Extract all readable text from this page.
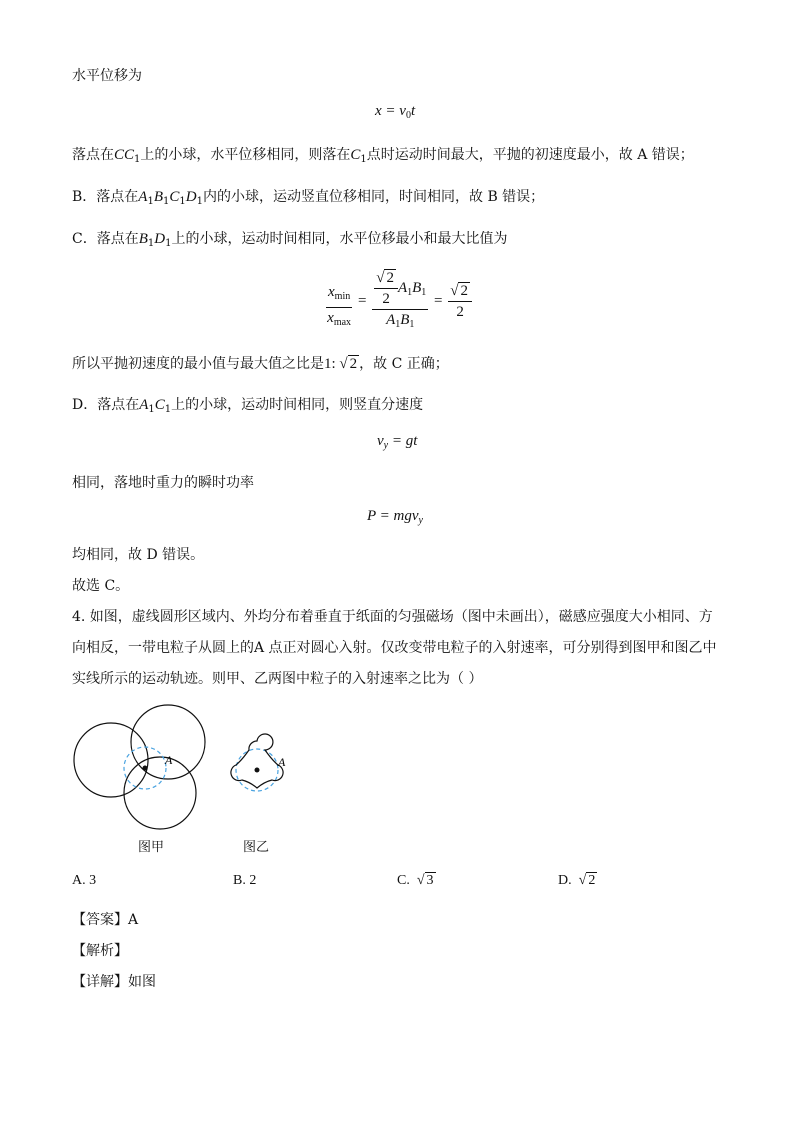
水平位移为
$x = v_0t$
落点在$CC_1$上的小球，水平位移相同，则落在$C_1$点时运动时间最大，平抛的初速度最小，故 A 错误；
B．落点在$A_1B_1C_1D_1$内的小球，运动竖直位移相同，时间相同，故 B 错误；
C．落点在$B_1D_1$上的小球，运动时间相同，水平位移最小和最大比值为
$\frac{x_{min}}{x_{max}} = \frac{\frac{√ 2}{2} A_1B_1}{A_1B_1} = \frac{√ 2}{2}$
所以平抛初速度的最小值与最大值之比是1: √ 2 ，故 C 正确；
D．落点在$A_1C_1$上的小球，运动时间相同，则竖直分速度
$v_y$ = gt
相同，落地时重力的瞬时功率
P = mgv$_y$
均相同，故 D 错误。
故选 C。
4. 如图，虚线圆形区域内、外均分布着垂直于纸面的匀强磁场（图中未画出），磁感应强度大小相同、方
向相反，一带电粒子从圆上的A 点正对圆心入射。仅改变带电粒子的入射速率，可分别得到图甲和图乙中
实线所示的运动轨迹。则甲、乙两图中粒子的入射速率之比为（ ）
A
图甲
A
图乙
A. 3	B. 2	C. √ 3	D. √ 2
【答案】A
【解析】
【详解】如图
